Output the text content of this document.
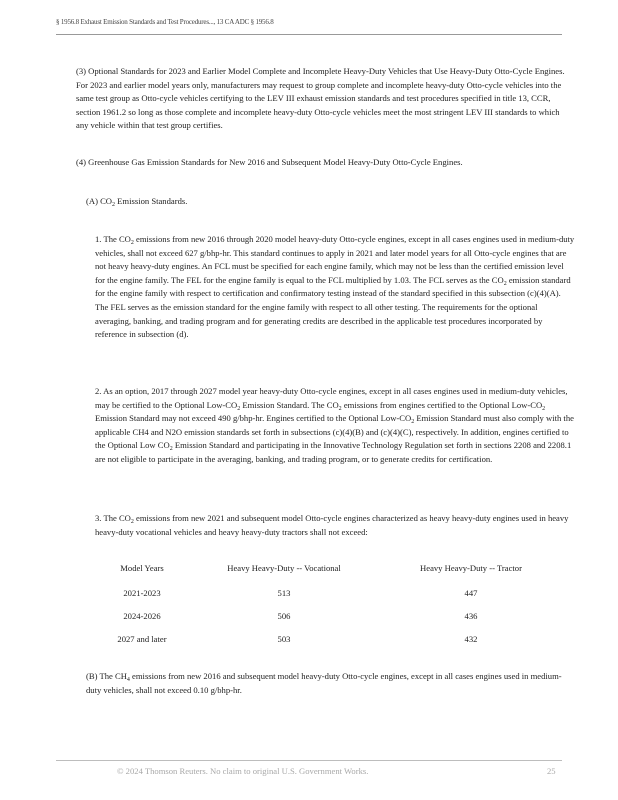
§ 1956.8 Exhaust Emission Standards and Test Procedures..., 13 CA ADC § 1956.8

(3) Optional Standards for 2023 and Earlier Model Complete and Incomplete Heavy-Duty Vehicles that Use Heavy-Duty Otto-Cycle Engines. For 2023 and earlier model years only, manufacturers may request to group complete and incomplete heavy-duty Otto-cycle vehicles into the same test group as Otto-cycle vehicles certifying to the LEV III exhaust emission standards and test procedures specified in title 13, CCR, section 1961.2 so long as those complete and incomplete heavy-duty Otto-cycle vehicles meet the most stringent LEV III standards to which any vehicle within that test group certifies.

(4) Greenhouse Gas Emission Standards for New 2016 and Subsequent Model Heavy-Duty Otto-Cycle Engines.

(A) $CO_2$ Emission Standards.

1. The $CO_2$ emissions from new 2016 through 2020 model heavy-duty Otto-cycle engines, except in all cases engines used in medium-duty vehicles, shall not exceed 627 g/bhp-hr. This standard continues to apply in 2021 and later model years for all Otto-cycle engines that are not heavy heavy-duty engines. An FCL must be specified for each engine family, which may not be less than the certified emission level for the engine family. The FEL for the engine family is equal to the FCL multiplied by 1.03. The FCL serves as the $CO_2$ emission standard for the engine family with respect to certification and confirmatory testing instead of the standard specified in this subsection (c)(4)(A). The FEL serves as the emission standard for the engine family with respect to all other testing. The requirements for the optional averaging, banking, and trading program and for generating credits are described in the applicable test procedures incorporated by reference in subsection (d).

2. As an option, 2017 through 2027 model year heavy-duty Otto-cycle engines, except in all cases engines used in medium-duty vehicles, may be certified to the Optional Low-$CO_2$ Emission Standard. The $CO_2$ emissions from engines certified to the Optional Low-$CO_2$ Emission Standard may not exceed 490 g/bhp-hr. Engines certified to the Optional Low-$CO_2$ Emission Standard must also comply with the applicable CH4 and N2O emission standards set forth in subsections (c)(4)(B) and (c)(4)(C), respectively. In addition, engines certified to the Optional Low $CO_2$ Emission Standard and participating in the Innovative Technology Regulation set forth in sections 2208 and 2208.1 are not eligible to participate in the averaging, banking, and trading program, or to generate credits for certification.

3. The $CO_2$ emissions from new 2021 and subsequent model Otto-cycle engines characterized as heavy heavy-duty engines used in heavy heavy-duty vocational vehicles and heavy heavy-duty tractors shall not exceed:

Model Years	Heavy Heavy-Duty -- Vocational	Heavy Heavy-Duty -- Tractor
2021-2023	513	447
2024-2026	506	436
2027 and later	503	432

(B) The $CH_4$ emissions from new 2016 and subsequent model heavy-duty Otto-cycle engines, except in all cases engines used in medium-duty vehicles, shall not exceed 0.10 g/bhp-hr.

© 2024 Thomson Reuters. No claim to original U.S. Government Works.	25
